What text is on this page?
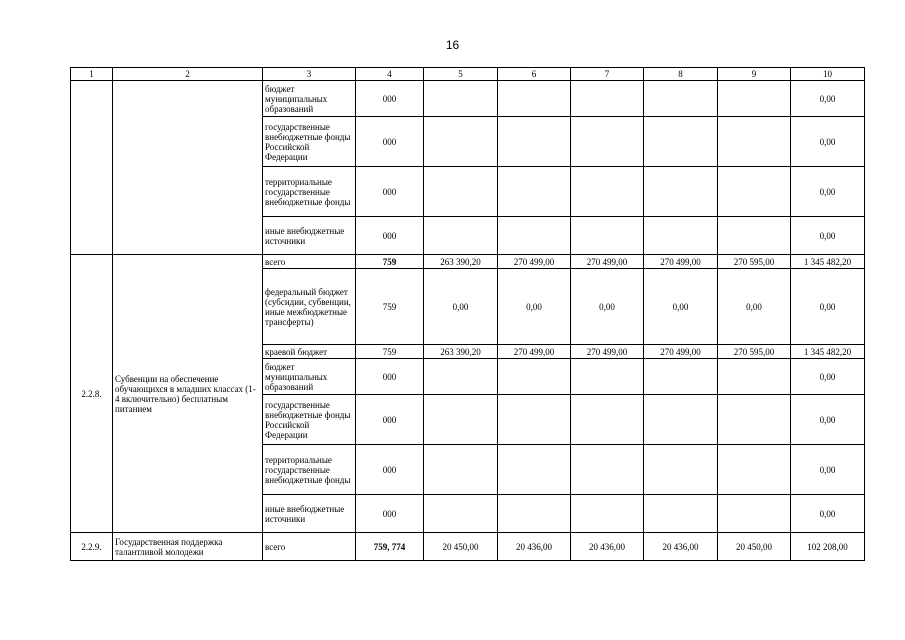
16
1	2	3	4	5	6	7	8	9	10
		бюджет муниципальных образований	000						0,00
		государственные внебюджетные фонды Российской Федерации	000						0,00
		территориальные государственные внебюджетные фонды	000						0,00
		иные внебюджетные источники	000						0,00
2.2.8.	Субвенции на обеспечение обучающихся в младших классах (1-4 включительно) бесплатным питанием	всего	759	263 390,20	270 499,00	270 499,00	270 499,00	270 595,00	1 345 482,20
		федеральный бюджет (субсидии, субвенции, иные межбюджетные трансферты)	759	0,00	0,00	0,00	0,00	0,00	0,00
		краевой бюджет	759	263 390,20	270 499,00	270 499,00	270 499,00	270 595,00	1 345 482,20
		бюджет муниципальных образований	000						0,00
		государственные внебюджетные фонды Российской Федерации	000						0,00
		территориальные государственные внебюджетные фонды	000						0,00
		иные внебюджетные источники	000						0,00
2.2.9.	Государственная поддержка талантливой молодежи	всего	759, 774	20 450,00	20 436,00	20 436,00	20 436,00	20 450,00	102 208,00
